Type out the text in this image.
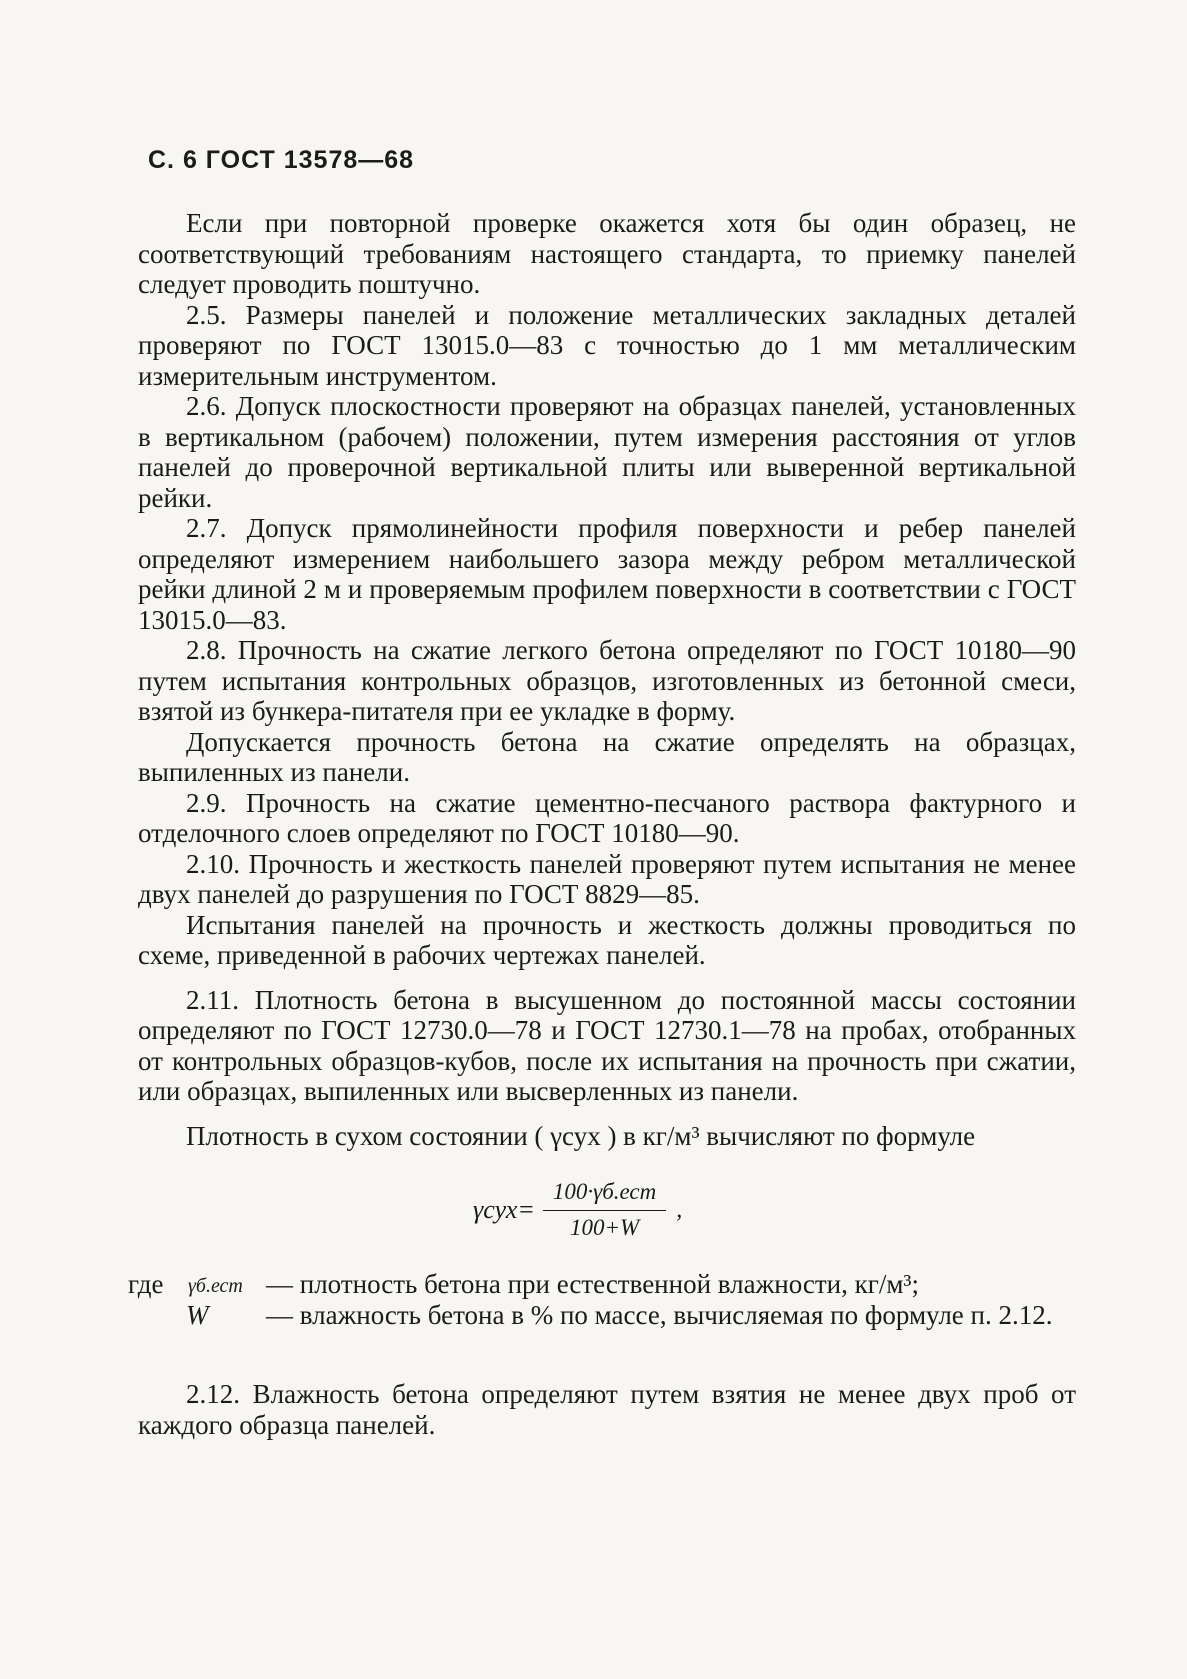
С. 6 ГОСТ 13578—68

Если при повторной проверке окажется хотя бы один образец, не соответствующий требованиям настоящего стандарта, то приемку панелей следует проводить поштучно.

2.5. Размеры панелей и положение металлических закладных деталей проверяют по ГОСТ 13015.0—83 с точностью до 1 мм металлическим измерительным инструментом.

2.6. Допуск плоскостности проверяют на образцах панелей, установленных в вертикальном (рабочем) положении, путем измерения расстояния от углов панелей до проверочной вертикальной плиты или выверенной вертикальной рейки.

2.7. Допуск прямолинейности профиля поверхности и ребер панелей определяют измерением наибольшего зазора между ребром металлической рейки длиной 2 м и проверяемым профилем поверхности в соответствии с ГОСТ 13015.0—83.

2.8. Прочность на сжатие легкого бетона определяют по ГОСТ 10180—90 путем испытания контрольных образцов, изготовленных из бетонной смеси, взятой из бункера-питателя при ее укладке в форму.

Допускается прочность бетона на сжатие определять на образцах, выпиленных из панели.

2.9. Прочность на сжатие цементно-песчаного раствора фактурного и отделочного слоев определяют по ГОСТ 10180—90.

2.10. Прочность и жесткость панелей проверяют путем испытания не менее двух панелей до разрушения по ГОСТ 8829—85.

Испытания панелей на прочность и жесткость должны проводиться по схеме, приведенной в рабочих чертежах панелей.

2.11. Плотность бетона в высушенном до постоянной массы состоянии определяют по ГОСТ 12730.0—78 и ГОСТ 12730.1—78 на пробах, отобранных от контрольных образцов-кубов, после их испытания на прочность при сжатии, или образцах, выпиленных или высверленных из панели.

Плотность в сухом состоянии ( γсух ) в кг/м³ вычисляют по формуле

$\gamma сух= \frac{\text{100·γб.ест}}{100+W}$ ,
где γб.ест — плотность бетона при естественной влажности, кг/м³;
W — влажность бетона в % по массе, вычисляемая по формуле п. 2.12.

2.12. Влажность бетона определяют путем взятия не менее двух проб от каждого образца панелей.
